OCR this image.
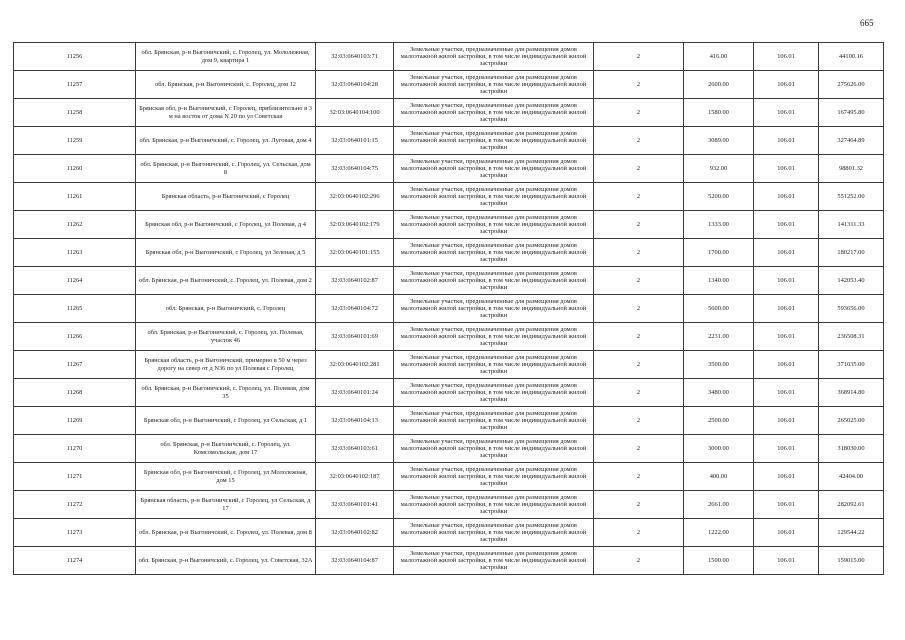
665
11256	обл. Брянская, р-н Выгоничский, с. Горолец, ул. Мололежная, дом 9, квартира 1	32:03:0640103:71	Земельные участки, предназначенные для размещения домов малоэтажной жилой застройки, в том числе индивидуальной жилой застройки	2	416.00	106.01	44100.16
11257	обл. Брянская, р-н Выгоничский, с. Горолец, дом 12	32:03:0640104:28	Земельные участки, предназначенные для размещения домов малоэтажной жилой застройки, в том числе индивидуальной жилой застройки	2	2600.00	106.01	275626.00
11258	Брянская обл, р-н Выгоничский, с Горолец, приблизительно в 3 м на восток от дома N 20 по ул Советская	32:03:0640104:100	Земельные участки, предназначенные для размещения домов малоэтажной жилой застройки, в том числе индивидуальной жилой застройки	2	1580.00	106.01	167495.80
11259	обл. Брянская, р-н Выгоничский, с. Горолец, ул. Луговая, дом 4	32:03:0640101:15	Земельные участки, предназначенные для размещения домов малоэтажной жилой застройки, в том числе индивидуальной жилой застройки	2	3089.00	106.01	327464.89
11260	обл. Брянская, р-н Выгоничский, с. Горолец, ул. Сельская, дом 8	32:03:0640104:75	Земельные участки, предназначенные для размещения домов малоэтажной жилой застройки, в том числе индивидуальной жилой застройки	2	932.00	106.01	98801.32
11261	Брянская область, р-н Выгоничский, с Горолец	32:03:0640102:296	Земельные участки, предназначенные для размещения домов малоэтажной жилой застройки, в том числе индивидуальной жилой застройки	2	5200.00	106.01	551252.00
11262	Брянская обл, р-н Выгоничский, с Горолец, ул Полевая, д 4	32:03:0640102:179	Земельные участки, предназначенные для размещения домов малоэтажной жилой застройки, в том числе индивидуальной жилой застройки	2	1333.00	106.01	141311.33
11263	Брянская обл, р-н Выгоничский, с Горолец, ул Зеленая, д 5	32:03:0640101:155	Земельные участки, предназначенные для размещения домов малоэтажной жилой застройки, в том числе индивидуальной жилой застройки	2	1700.00	106.01	180217.00
11264	обл. Брянская, р-н Выгоничский, с. Горолец, ул. Полевая, дом 2	32:03:0640102:87	Земельные участки, предназначенные для размещения домов малоэтажной жилой застройки, в том числе индивидуальной жилой застройки	2	1340.00	106.01	142053.40
11265	обл. Брянская, р-н Выгоничский, с. Горолец	32:03:0640104:72	Земельные участки, предназначенные для размещения домов малоэтажной жилой застройки, в том числе индивидуальной жилой застройки	2	5600.00	106.01	593656.00
11266	обл. Брянская, р-н Выгоничский, с. Горолец, ул. Полевая, участок 46	32:03:0640101:69	Земельные участки, предназначенные для размещения домов малоэтажной жилой застройки, в том числе индивидуальной жилой застройки	2	2231.00	106.01	236508.31
11267	Брянская область, р-н Выгоничский, примерно в 50 м через дорогу на север от д N36 по ул Полевая с Горолец	32:03:0640102:281	Земельные участки, предназначенные для размещения домов малоэтажной жилой застройки, в том числе индивидуальной жилой застройки	2	3500.00	106.01	371035.00
11268	обл. Брянская, р-н Выгоничский, с. Горолец, ул. Полевая, дом 35	32:03:0640101:24	Земельные участки, предназначенные для размещения домов малоэтажной жилой застройки, в том числе индивидуальной жилой застройки	2	3480.00	106.01	368914.80
11269	Брянская обл, р-н Выгоничский, с Горолец, ул Сельская, д 1	32:03:0640104:13	Земельные участки, предназначенные для размещения домов малоэтажной жилой застройки, в том числе индивидуальной жилой застройки	2	2500.00	106.01	265025.00
11270	обл. Брянская, р-н Выгоничский, с. Горолец, ул. Комсомольская, дом 17	32:03:0640103:61	Земельные участки, предназначенные для размещения домов малоэтажной жилой застройки, в том числе индивидуальной жилой застройки	2	3000.00	106.01	318030.00
11271	Брянская обл, р-н Выгоничский, с Горолец, ул Мололежная, дом 15	32:03:0640102:187	Земельные участки, предназначенные для размещения домов малоэтажной жилой застройки, в том числе индивидуальной жилой застройки	2	400.00	106.01	42404.00
11272	Брянская область, р-н Выгоничский, с Горолец, ул Сельская, д 17	32:03:0640101:41	Земельные участки, предназначенные для размещения домов малоэтажной жилой застройки, в том числе индивидуальной жилой застройки	2	2661.00	106.01	282092.61
11273	обл. Брянская, р-н Выгоничский, с. Горолец, ул. Полевая, дом 8	32:03:0640102:82	Земельные участки, предназначенные для размещения домов малоэтажной жилой застройки, в том числе индивидуальной жилой застройки	2	1222.00	106.01	129544.22
11274	обл. Брянская, р-н Выгоничский, с. Горолец, ул. Советская, 32А	32:03:0640104:87	Земельные участки, предназначенные для размещения домов малоэтажной жилой застройки, в том числе индивидуальной жилой застройки	2	1500.00	106.01	159015.00
